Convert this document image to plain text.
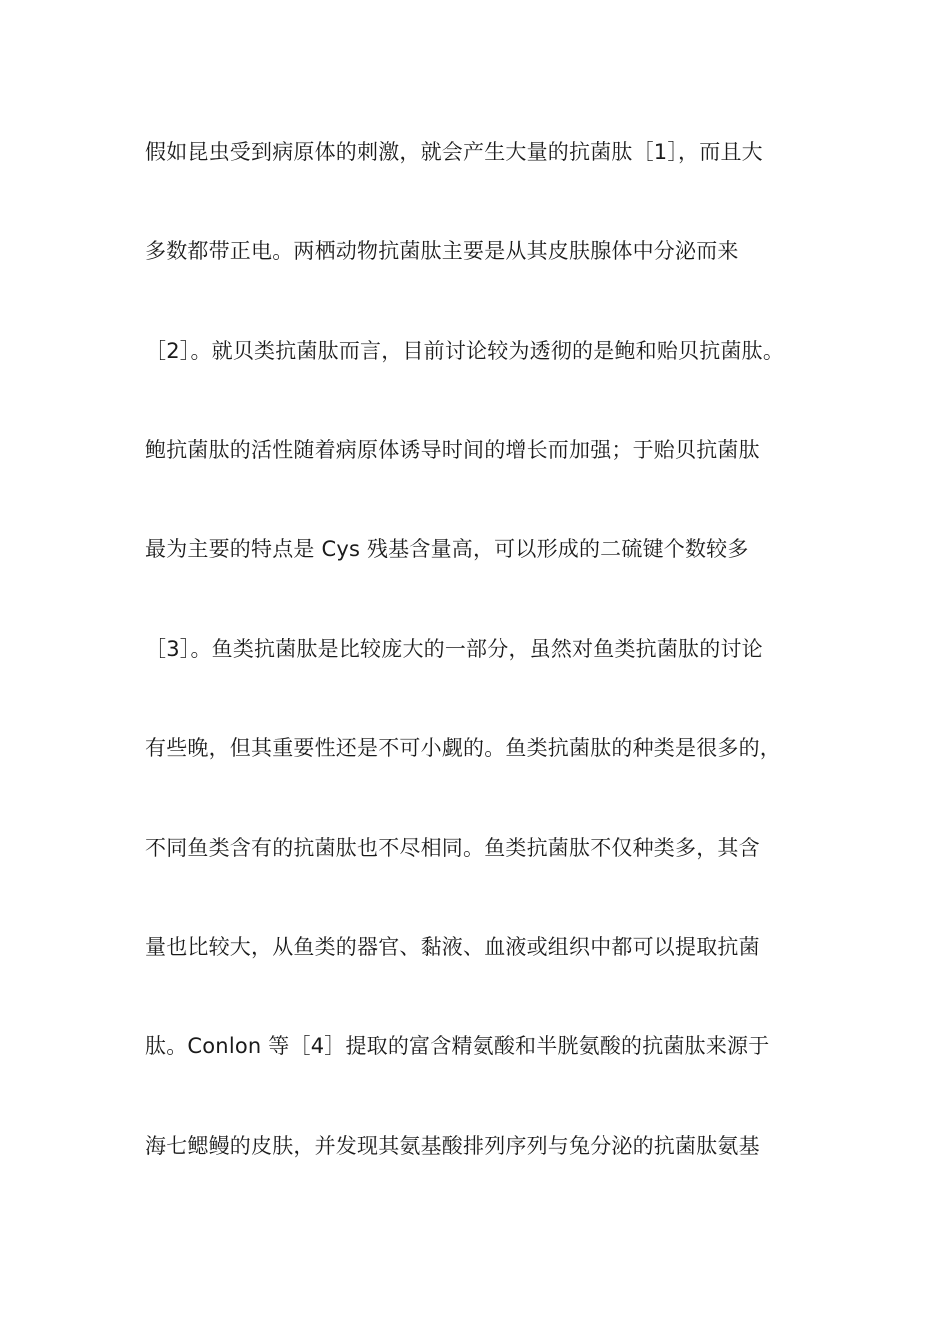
假如昆虫受到病原体的刺激，就会产生大量的抗菌肽［1］，而且大
多数都带正电。两栖动物抗菌肽主要是从其皮肤腺体中分泌而来
［2］。就贝类抗菌肽而言，目前讨论较为透彻的是鲍和贻贝抗菌肽。
鲍抗菌肽的活性随着病原体诱导时间的增长而加强；于贻贝抗菌肽
最为主要的特点是 Cys 残基含量高，可以形成的二硫键个数较多
［3］。鱼类抗菌肽是比较庞大的一部分，虽然对鱼类抗菌肽的讨论
有些晚，但其重要性还是不可小觑的。鱼类抗菌肽的种类是很多的，
不同鱼类含有的抗菌肽也不尽相同。鱼类抗菌肽不仅种类多，其含
量也比较大，从鱼类的器官、黏液、血液或组织中都可以提取抗菌
肽。Conlon 等［4］提取的富含精氨酸和半胱氨酸的抗菌肽来源于
海七鳃鳗的皮肤，并发现其氨基酸排列序列与兔分泌的抗菌肽氨基
